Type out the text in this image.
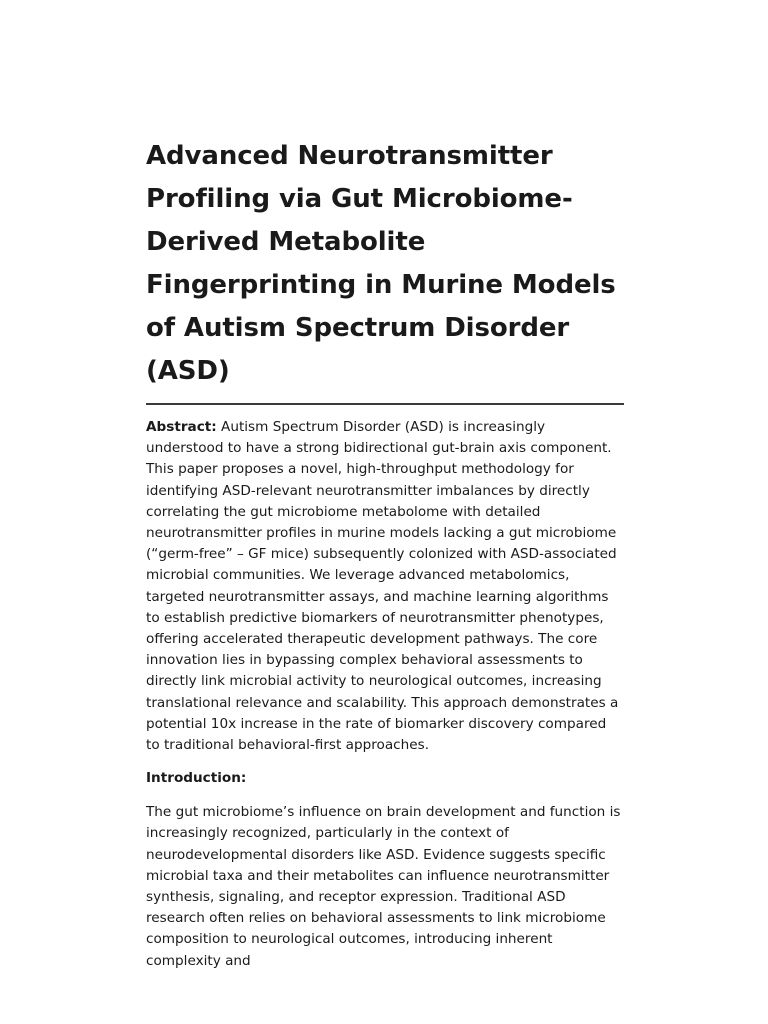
Advanced Neurotransmitter Profiling via Gut Microbiome-Derived Metabolite Fingerprinting in Murine Models of Autism Spectrum Disorder (ASD)

Abstract: Autism Spectrum Disorder (ASD) is increasingly understood to have a strong bidirectional gut-brain axis component. This paper proposes a novel, high-throughput methodology for identifying ASD-relevant neurotransmitter imbalances by directly correlating the gut microbiome metabolome with detailed neurotransmitter profiles in murine models lacking a gut microbiome (“germ-free” – GF mice) subsequently colonized with ASD-associated microbial communities. We leverage advanced metabolomics, targeted neurotransmitter assays, and machine learning algorithms to establish predictive biomarkers of neurotransmitter phenotypes, offering accelerated therapeutic development pathways. The core innovation lies in bypassing complex behavioral assessments to directly link microbial activity to neurological outcomes, increasing translational relevance and scalability. This approach demonstrates a potential 10x increase in the rate of biomarker discovery compared to traditional behavioral-first approaches.

Introduction:

The gut microbiome’s influence on brain development and function is increasingly recognized, particularly in the context of neurodevelopmental disorders like ASD. Evidence suggests specific microbial taxa and their metabolites can influence neurotransmitter synthesis, signaling, and receptor expression. Traditional ASD research often relies on behavioral assessments to link microbiome composition to neurological outcomes, introducing inherent complexity and
